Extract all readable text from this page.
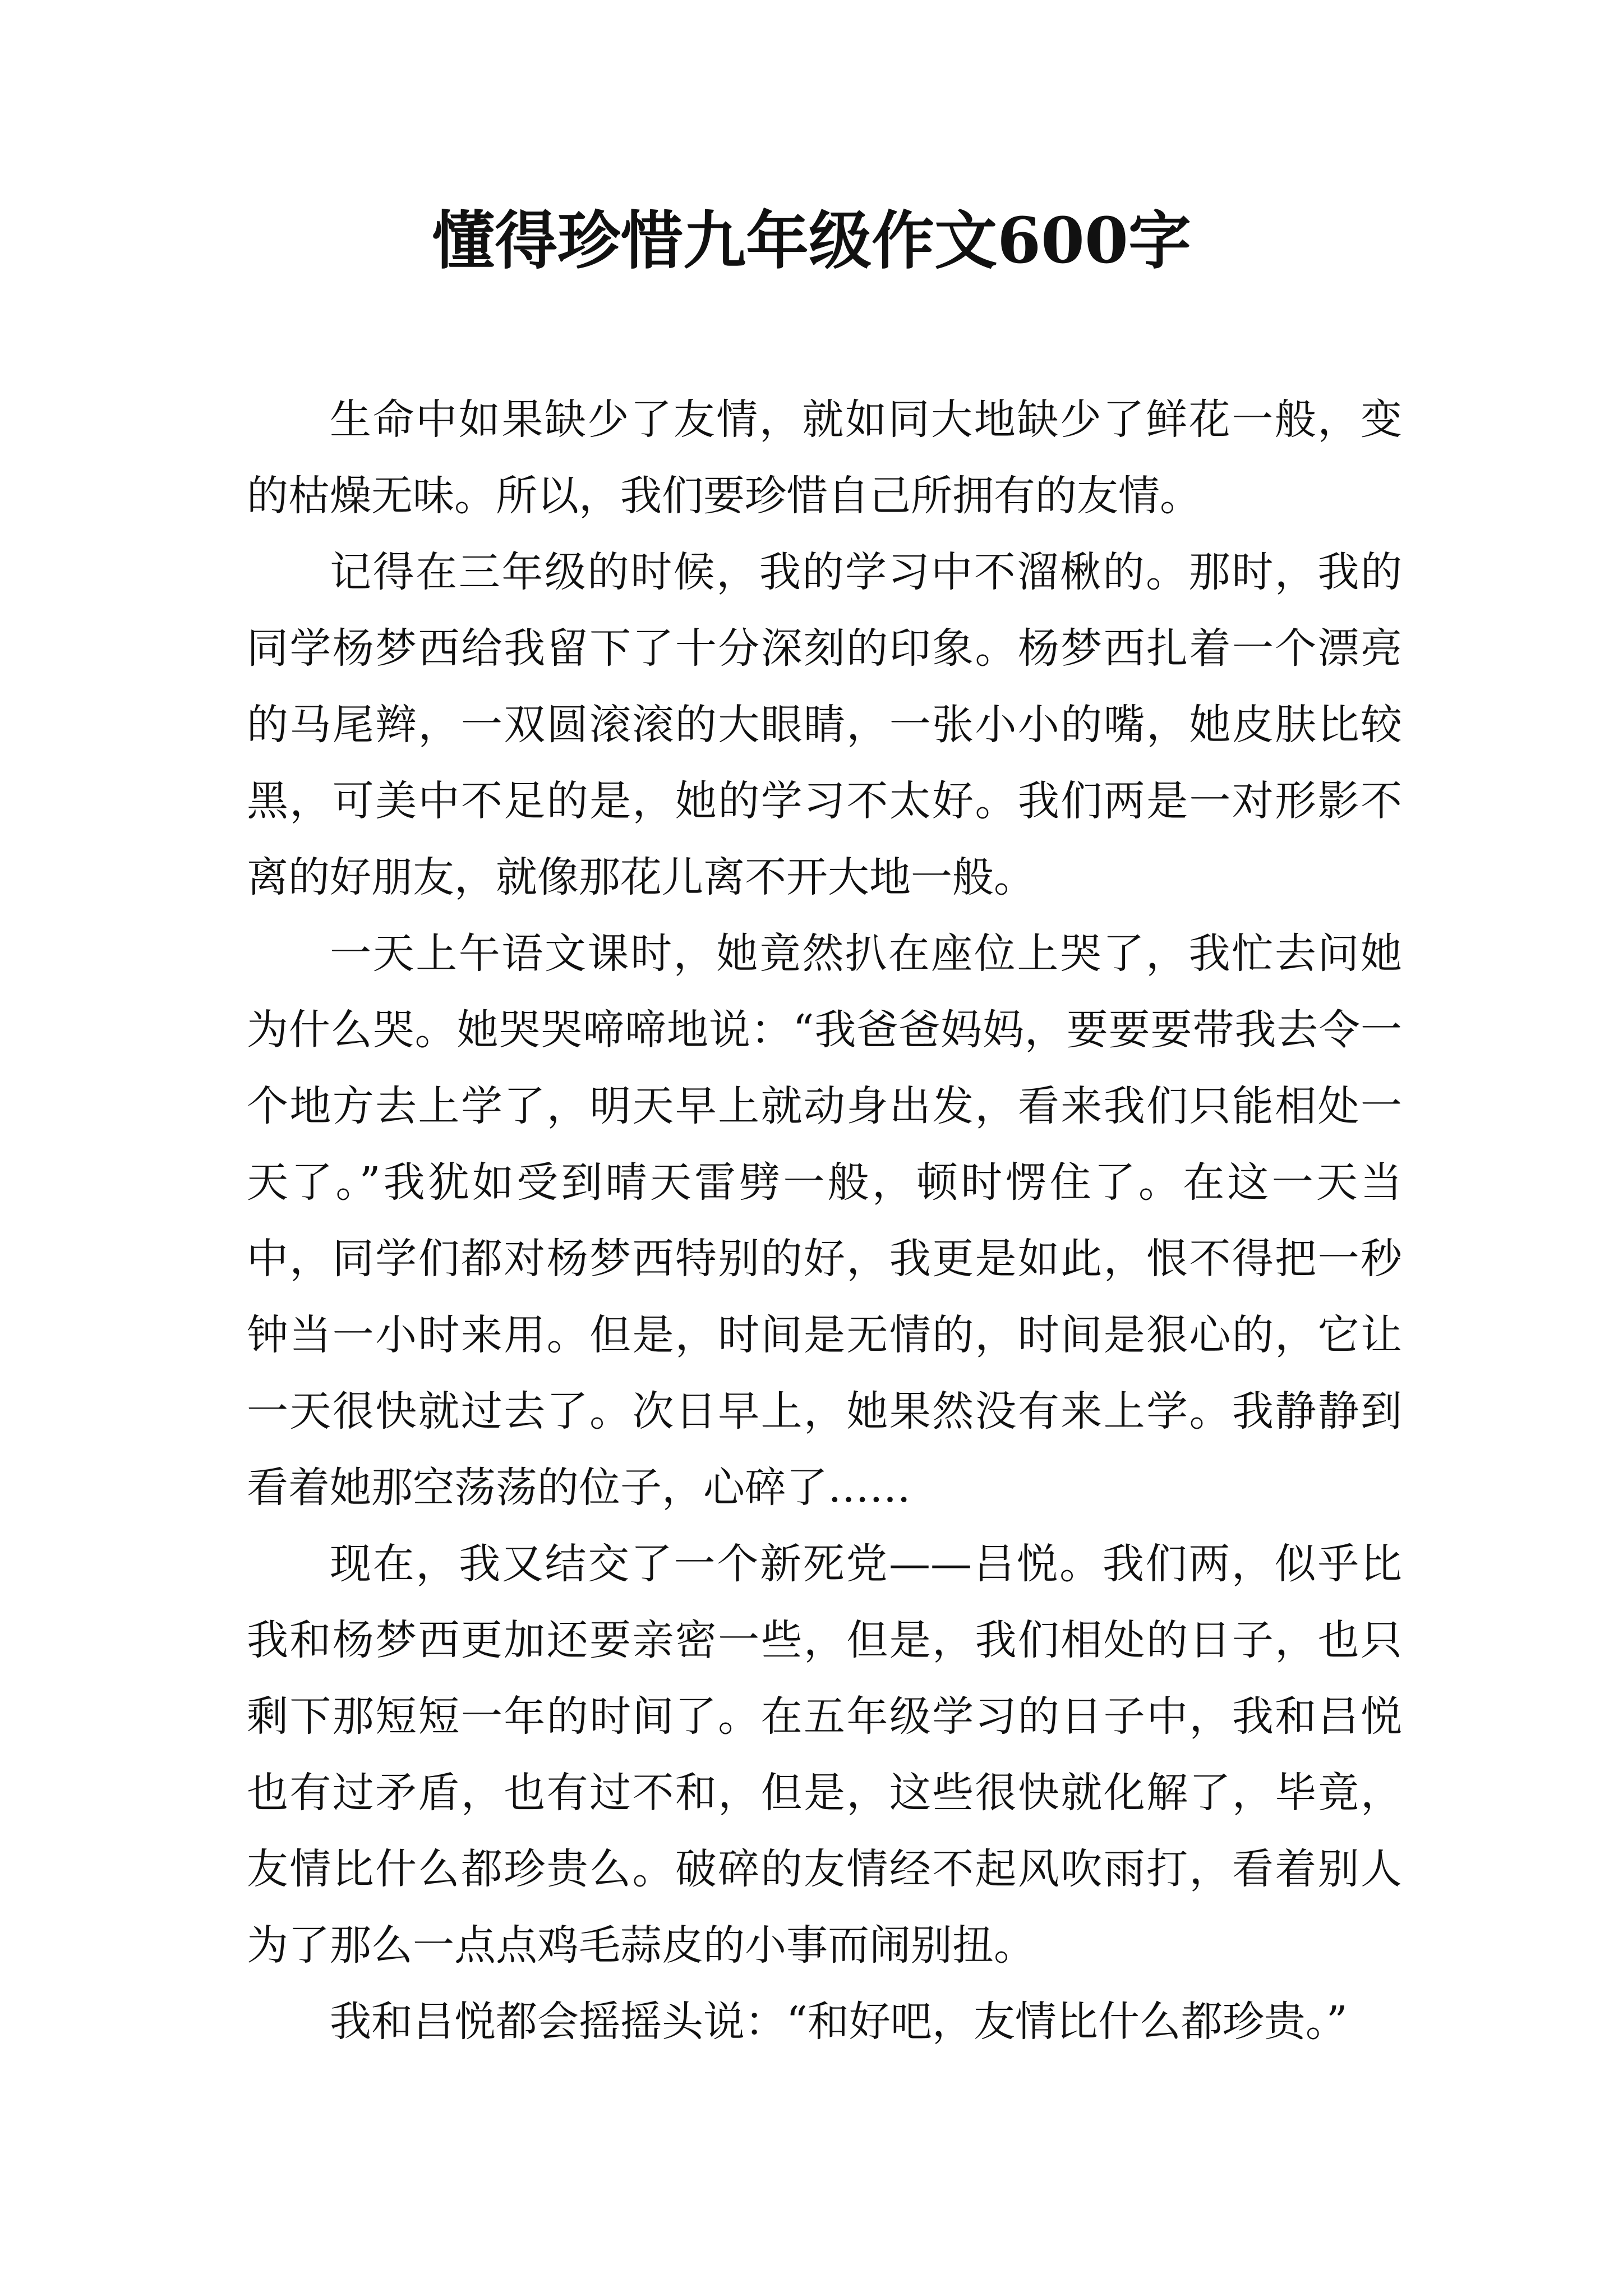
懂得珍惜九年级作文600字

生命中如果缺少了友情，就如同大地缺少了鲜花一般，变的枯燥无味。所以，我们要珍惜自己所拥有的友情。

记得在三年级的时候，我的学习中不溜楸的。那时，我的同学杨梦西给我留下了十分深刻的印象。杨梦西扎着一个漂亮的马尾辫，一双圆滚滚的大眼睛，一张小小的嘴，她皮肤比较黑，可美中不足的是，她的学习不太好。我们两是一对形影不离的好朋友，就像那花儿离不开大地一般。

一天上午语文课时，她竟然扒在座位上哭了，我忙去问她为什么哭。她哭哭啼啼地说：“我爸爸妈妈，要要要带我去令一个地方去上学了，明天早上就动身出发，看来我们只能相处一天了。”我犹如受到晴天雷劈一般，顿时愣住了。在这一天当中，同学们都对杨梦西特别的好，我更是如此，恨不得把一秒钟当一小时来用。但是，时间是无情的，时间是狠心的，它让一天很快就过去了。次日早上，她果然没有来上学。我静静到看着她那空荡荡的位子，心碎了……

现在，我又结交了一个新死党——吕悦。我们两，似乎比我和杨梦西更加还要亲密一些，但是，我们相处的日子，也只剩下那短短一年的时间了。在五年级学习的日子中，我和吕悦也有过矛盾，也有过不和，但是，这些很快就化解了，毕竟，友情比什么都珍贵么。破碎的友情经不起风吹雨打，看着别人为了那么一点点鸡毛蒜皮的小事而闹别扭。

我和吕悦都会摇摇头说：“和好吧，友情比什么都珍贵。”
